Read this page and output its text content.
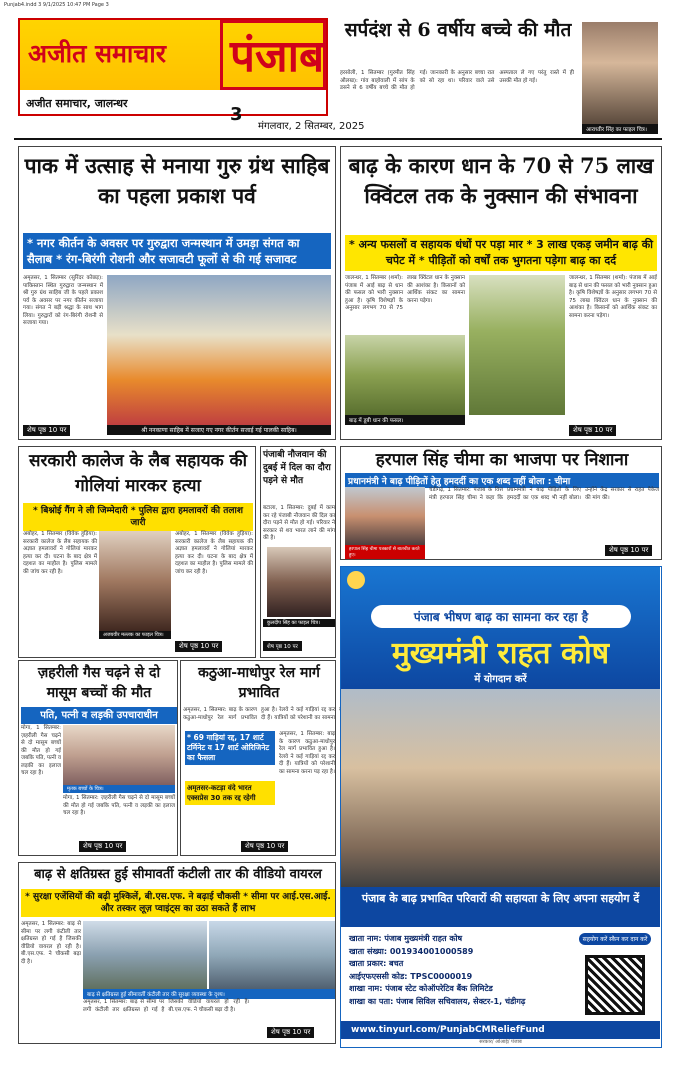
Punjab4.indd 3 9/1/2025 10:47 PM Page 3
अजीत समाचार पंजाब
अजीत समाचार, जालन्धर
3
मंगलवार, 2 सितम्बर, 2025
सर्पदंश से 6 वर्षीय बच्चे की मौत
हरसोली, 1 सितम्बर (गुरमीत सिंह औलख): गांव बाहोवाली में सांप के डसने से 6 वर्षीय बच्चे की मौत हो गई। जानकारी के अनुसार बच्चा रात को सो रहा था। परिवार वाले उसे अस्पताल ले गए परंतु रास्ते में ही उसकी मौत हो गई।
आराध्वीर सिंह का फाइल चित्र।
पाक में उत्साह से मनाया गुरु ग्रंथ साहिब का पहला प्रकाश पर्व
* नगर कीर्तन के अवसर पर गुरुद्वारा जन्मस्थान में उमड़ा संगत का सैलाब * रंग-बिरंगी रोशनी और सजावटी फूलों से की गई सजावट
अमृतसर, 1 सितम्बर (सुरिंदर कोछड़): पाकिस्तान स्थित गुरुद्वारा जन्मस्थान में श्री गुरु ग्रंथ साहिब जी के पहले प्रकाश पर्व के अवसर पर नगर कीर्तन सजाया गया। संगत ने बड़ी श्रद्धा के साथ भाग लिया। गुरुद्वारों को रंग-बिरंगी रोशनी से सजाया गया।
शेष पृष्ठ 10 पर	श्री ननकाणा साहिब में सजाए गए नगर कीर्तन सजाई गई पालकी साहिब।
बाढ़ के कारण धान के 70 से 75 लाख क्विंटल तक के नुक्सान की संभावना
* अन्य फसलों व सहायक धंधों पर पड़ा मार * 3 लाख एकड़ जमीन बाढ़ की चपेट में * पीड़ितों को वर्षों तक भुगतना पड़ेगा बाढ़ का दर्द
जालन्धर, 1 सितम्बर (शर्मा): पंजाब में आई बाढ़ से धान की फसल को भारी नुक्सान हुआ है। कृषि विशेषज्ञों के अनुसार लगभग 70 से 75 लाख क्विंटल धान के नुक्सान की आशंका है। किसानों को आर्थिक संकट का सामना करना पड़ेगा।
बाढ़ में डूबी धान की फसल।
जालन्धर, 1 सितम्बर (शर्मा): पंजाब में आई बाढ़ से धान की फसल को भारी नुक्सान हुआ है। कृषि विशेषज्ञों के अनुसार लगभग 70 से 75 लाख क्विंटल धान के नुक्सान की आशंका है। किसानों को आर्थिक संकट का सामना करना पड़ेगा।
शेष पृष्ठ 10 पर
सरकारी कालेज के लैब सहायक की गोलियां मारकर हत्या
* बिश्नोई गैंग ने ली जिम्मेदारी * पुलिस द्वारा हमलावरों की तलाश जारी
अबोहर, 1 सितम्बर (विवेक हुड़िया): सरकारी कालेज के लैब सहायक की अज्ञात हमलावरों ने गोलियां मारकर हत्या कर दी। घटना के बाद क्षेत्र में दहशत का माहौल है। पुलिस मामले की जांच कर रही है।
अजयवीर मल्लक का फाइल चित्र।
अबोहर, 1 सितम्बर (विवेक हुड़िया): सरकारी कालेज के लैब सहायक की अज्ञात हमलावरों ने गोलियां मारकर हत्या कर दी। घटना के बाद क्षेत्र में दहशत का माहौल है। पुलिस मामले की जांच कर रही है।
शेष पृष्ठ 10 पर
पंजाबी नौजवान की दुबई में दिल का दौरा पड़ने से मौत
बटाला, 1 सितम्बर: दुबई में काम कर रहे पंजाबी नौजवान की दिल का दौरा पड़ने से मौत हो गई। परिवार ने सरकार से शव भारत लाने की मांग की है।
कुलदीप सिंह का फाइल चित्र।
शेष पृष्ठ 10 पर
हरपाल सिंह चीमा का भाजपा पर निशाना
प्रधानमंत्री ने बाढ़ पीड़ितों हेतु हमदर्दी का एक शब्द नहीं बोला : चीमा
हरपाल सिंह चीमा पत्रकारों से बातचीत करते हुए।
चंडीगढ़, 1 सितम्बर: पंजाब के वित्त मंत्री हरपाल सिंह चीमा ने कहा कि प्रधानमंत्री ने बाढ़ पीड़ितों के लिए हमदर्दी का एक शब्द भी नहीं बोला। उन्होंने केंद्र सरकार से राहत पैकेज की मांग की।
शेष पृष्ठ 10 पर
ज़हरीली गैस चढ़ने से दो मासूम बच्चों की मौत
पति, पत्नी व लड़की उपचाराधीन
मोगा, 1 सितम्बर: ज़हरीली गैस चढ़ने से दो मासूम बच्चों की मौत हो गई जबकि पति, पत्नी व लड़की का इलाज चल रहा है।
मृतक बच्चों के चित्र।
मोगा, 1 सितम्बर: ज़हरीली गैस चढ़ने से दो मासूम बच्चों की मौत हो गई जबकि पति, पत्नी व लड़की का इलाज चल रहा है।
शेष पृष्ठ 10 पर
कठुआ-माधोपुर रेल मार्ग प्रभावित
अमृतसर, 1 सितम्बर: बाढ़ के कारण कठुआ-माधोपुर रेल मार्ग प्रभावित हुआ है। रेलवे ने कई गाड़ियां रद्द कर दी हैं। यात्रियों को परेशानी का सामना
* 69 गाड़ियां रद्द, 17 शार्ट टर्मिनेट व 17 शार्ट ओरिजिनेट का फैसला
अमृतसर-कटड़ा वंदे भारत एक्सप्रेस 30 तक रद्द रहेगी
अमृतसर, 1 सितम्बर: बाढ़ के कारण कठुआ-माधोपुर रेल मार्ग प्रभावित हुआ है। रेलवे ने कई गाड़ियां रद्द कर दी हैं। यात्रियों को परेशानी का सामना करना पड़ रहा है।
शेष पृष्ठ 10 पर
बाढ़ से क्षतिग्रस्त हुई सीमावर्ती कंटीली तार की वीडियो वायरल
* सुरक्षा एजेंसियों की बढ़ी मुश्किलें, बी.एस.एफ. ने बढ़ाई चौकसी * सीमा पर आई.एस.आई. और तस्कर लूज़ प्वाइंट्स का उठा सकते हैं लाभ
अमृतसर, 1 सितम्बर: बाढ़ से सीमा पर लगी कंटीली तार क्षतिग्रस्त हो गई है जिसकी वीडियो वायरल हो रही है। बी.एस.एफ. ने चौकसी बढ़ा दी है।
बाढ़ से क्षतिग्रस्त हुई सीमावर्ती कंटीली तार की सुरक्षा व्यवस्था के दृश्य।
अमृतसर, 1 सितम्बर: बाढ़ से सीमा पर लगी कंटीली तार क्षतिग्रस्त हो गई है जिसकी वीडियो वायरल हो रही है। बी.एस.एफ. ने चौकसी बढ़ा दी है।
शेष पृष्ठ 10 पर
पंजाब भीषण बाढ़ का सामना कर रहा है
मुख्यमंत्री राहत कोष
में योगदान करें
पंजाब के बाढ़ प्रभावित परिवारों की सहायता के लिए अपना सहयोग दें
खाता नाम: पंजाब मुख्यमंत्री राहत कोष
खाता संख्या: 001934001000589
खाता प्रकार: बचत
आईएफएससी कोड: TPSC0000019
शाखा नाम: पंजाब स्टेट कोऑपरेटिव बैंक लिमिटेड
शाखा का पता: पंजाब सिविल सचिवालय, सेक्टर-1, चंडीगढ़
सहयोग करें स्कैन कर दान करें
www.tinyurl.com/PunjabCMReliefFund
सरकार/ ओआई/ पंजाब
